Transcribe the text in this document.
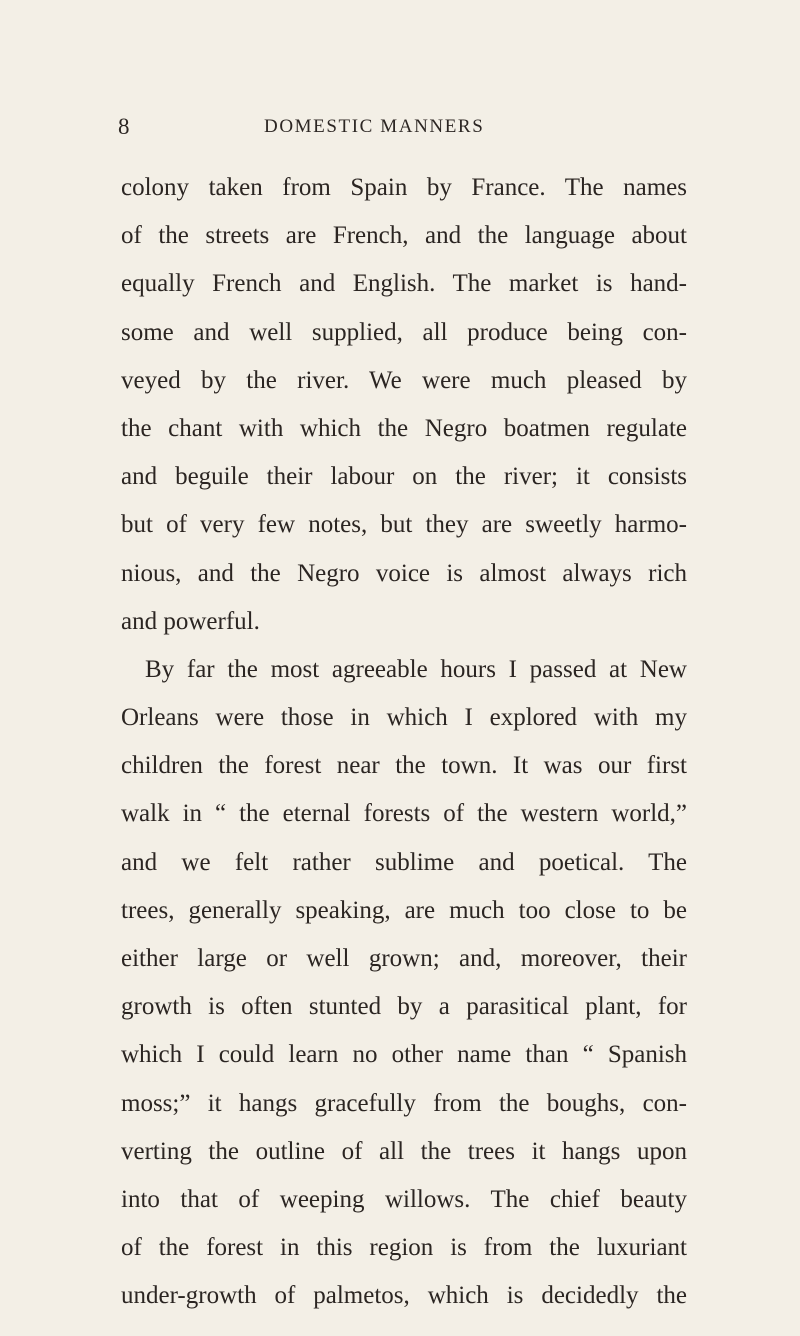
8	DOMESTIC MANNERS
colony taken from Spain by France. The names
of the streets are French, and the language about
equally French and English. The market is hand-
some and well supplied, all produce being con-
veyed by the river. We were much pleased by
the chant with which the Negro boatmen regulate
and beguile their labour on the river; it consists
but of very few notes, but they are sweetly harmo-
nious, and the Negro voice is almost always rich
and powerful.
By far the most agreeable hours I passed at New
Orleans were those in which I explored with my
children the forest near the town. It was our first
walk in “ the eternal forests of the western world,”
and we felt rather sublime and poetical. The
trees, generally speaking, are much too close to be
either large or well grown; and, moreover, their
growth is often stunted by a parasitical plant, for
which I could learn no other name than “ Spanish
moss;” it hangs gracefully from the boughs, con-
verting the outline of all the trees it hangs upon
into that of weeping willows. The chief beauty
of the forest in this region is from the luxuriant
under-growth of palmetos, which is decidedly the
